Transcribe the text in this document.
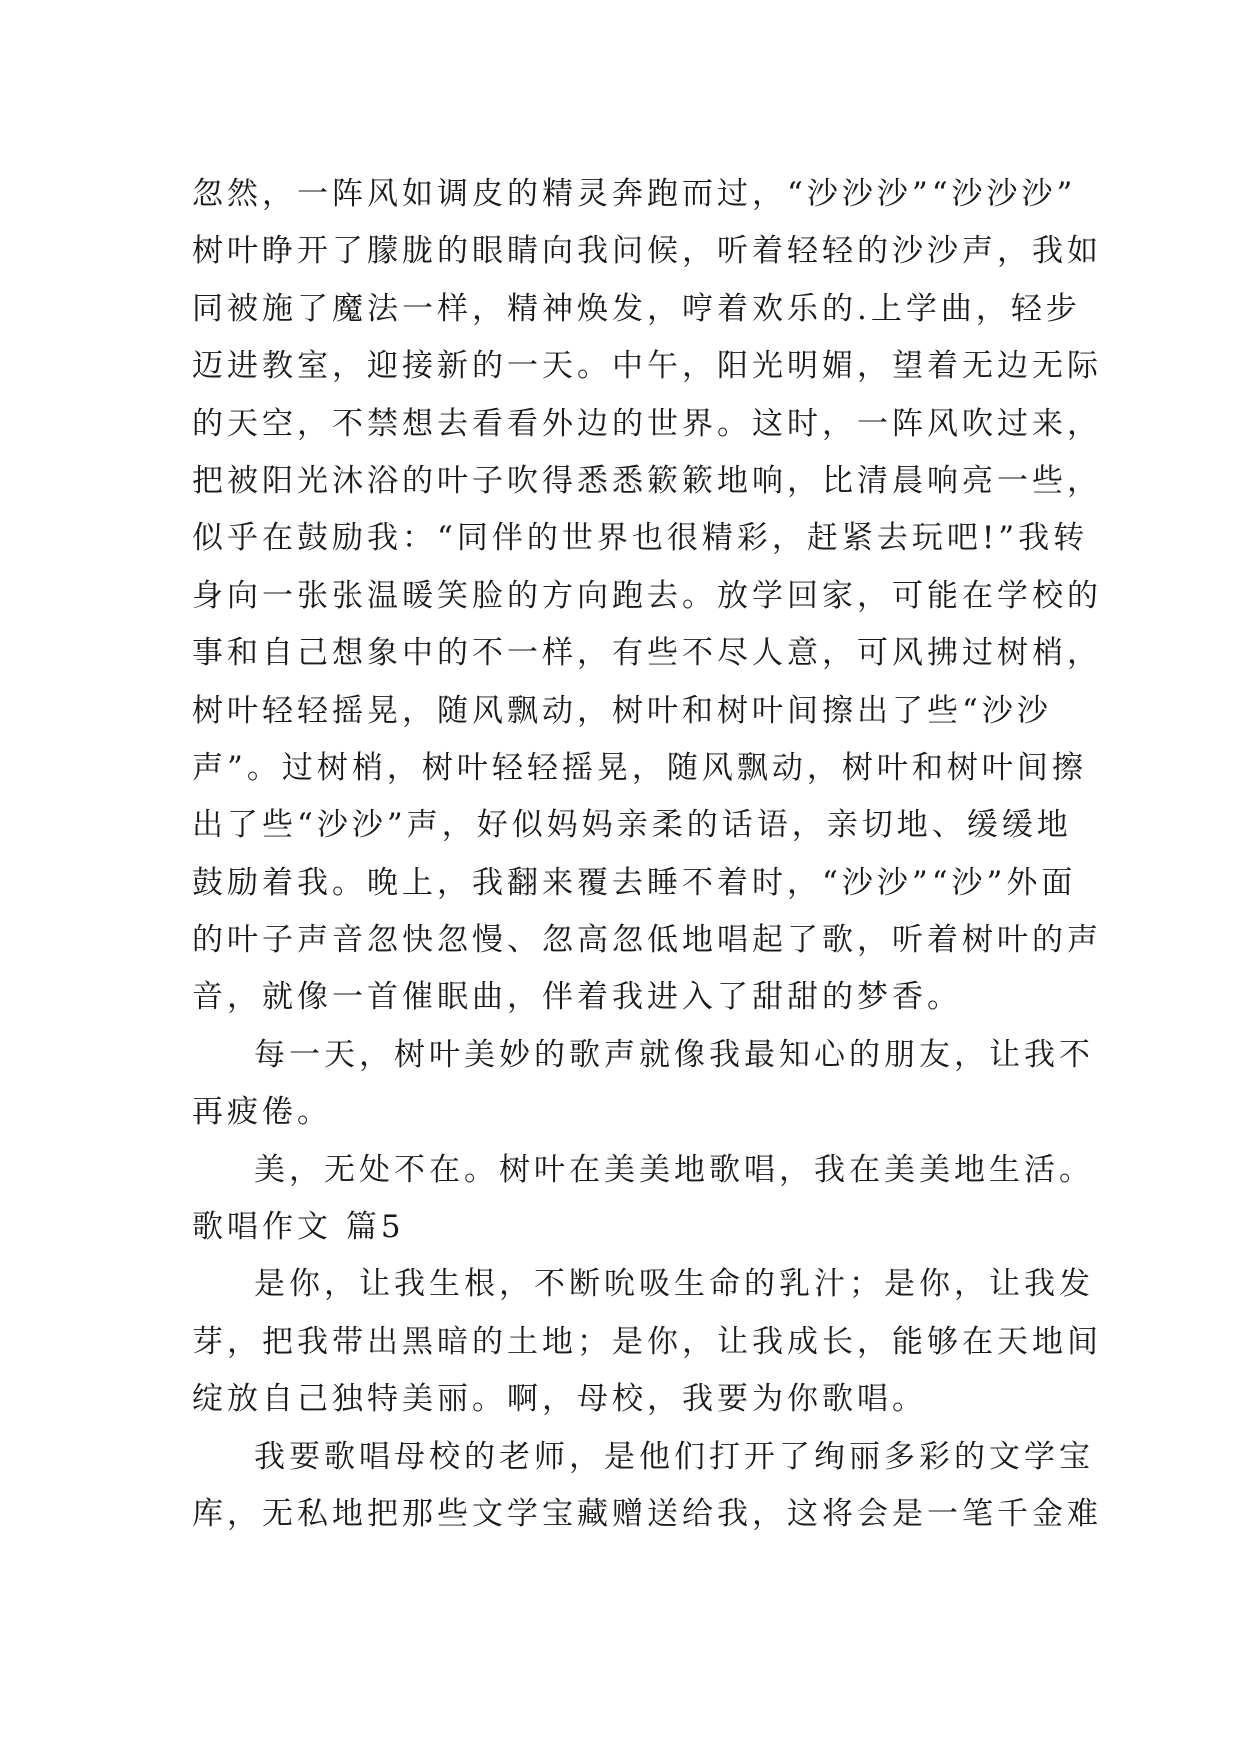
忽然，一阵风如调皮的精灵奔跑而过，“沙沙沙”“沙沙沙”
树叶睁开了朦胧的眼睛向我问候，听着轻轻的沙沙声，我如
同被施了魔法一样，精神焕发，哼着欢乐的.上学曲，轻步
迈进教室，迎接新的一天。中午，阳光明媚，望着无边无际
的天空，不禁想去看看外边的世界。这时，一阵风吹过来，
把被阳光沐浴的叶子吹得悉悉簌簌地响，比清晨响亮一些，
似乎在鼓励我：“同伴的世界也很精彩，赶紧去玩吧!”我转
身向一张张温暖笑脸的方向跑去。放学回家，可能在学校的
事和自己想象中的不一样，有些不尽人意，可风拂过树梢，
树叶轻轻摇晃，随风飘动，树叶和树叶间擦出了些“沙沙
声”。过树梢，树叶轻轻摇晃，随风飘动，树叶和树叶间擦
出了些“沙沙”声，好似妈妈亲柔的话语，亲切地、缓缓地
鼓励着我。晚上，我翻来覆去睡不着时，“沙沙”“沙”外面
的叶子声音忽快忽慢、忽高忽低地唱起了歌，听着树叶的声
音，就像一首催眠曲，伴着我进入了甜甜的梦香。
每一天，树叶美妙的歌声就像我最知心的朋友，让我不
再疲倦。
美，无处不在。树叶在美美地歌唱，我在美美地生活。
歌唱作文 篇5
是你，让我生根，不断吮吸生命的乳汁；是你，让我发
芽，把我带出黑暗的土地；是你，让我成长，能够在天地间
绽放自己独特美丽。啊，母校，我要为你歌唱。
我要歌唱母校的老师，是他们打开了绚丽多彩的文学宝
库，无私地把那些文学宝藏赠送给我，这将会是一笔千金难
